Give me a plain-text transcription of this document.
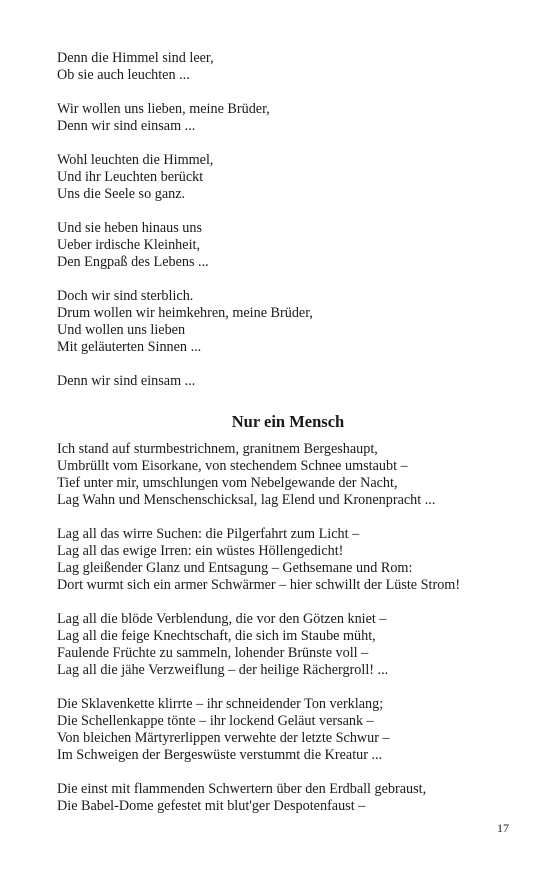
Denn die Himmel sind leer,
Ob sie auch leuchten ...
Wir wollen uns lieben, meine Brüder,
Denn wir sind einsam ...
Wohl leuchten die Himmel,
Und ihr Leuchten berückt
Uns die Seele so ganz.
Und sie heben hinaus uns
Ueber irdische Kleinheit,
Den Engpaß des Lebens ...
Doch wir sind sterblich.
Drum wollen wir heimkehren, meine Brüder,
Und wollen uns lieben
Mit geläuterten Sinnen ...
Denn wir sind einsam ...
Nur ein Mensch
Ich stand auf sturmbestrichnem, granitnem Bergeshaupt,
Umbrüllt vom Eisorkane, von stechendem Schnee umstaubt –
Tief unter mir, umschlungen vom Nebelgewande der Nacht,
Lag Wahn und Menschenschicksal, lag Elend und Kronenpracht ...
Lag all das wirre Suchen: die Pilgerfahrt zum Licht –
Lag all das ewige Irren: ein wüstes Höllengedicht!
Lag gleißender Glanz und Entsagung – Gethsemane und Rom:
Dort wurmt sich ein armer Schwärmer – hier schwillt der Lüste Strom!
Lag all die blöde Verblendung, die vor den Götzen kniet –
Lag all die feige Knechtschaft, die sich im Staube müht,
Faulende Früchte zu sammeln, lohender Brünste voll –
Lag all die jähe Verzweiflung – der heilige Rächergroll! ...
Die Sklavenkette klirrte – ihr schneidender Ton verklang;
Die Schellenkappe tönte – ihr lockend Geläut versank –
Von bleichen Märtyrerlippen verwehte der letzte Schwur –
Im Schweigen der Bergeswüste verstummt die Kreatur ...
Die einst mit flammenden Schwertern über den Erdball gebraust,
Die Babel-Dome gefestet mit blut'ger Despotenfaust –
17
